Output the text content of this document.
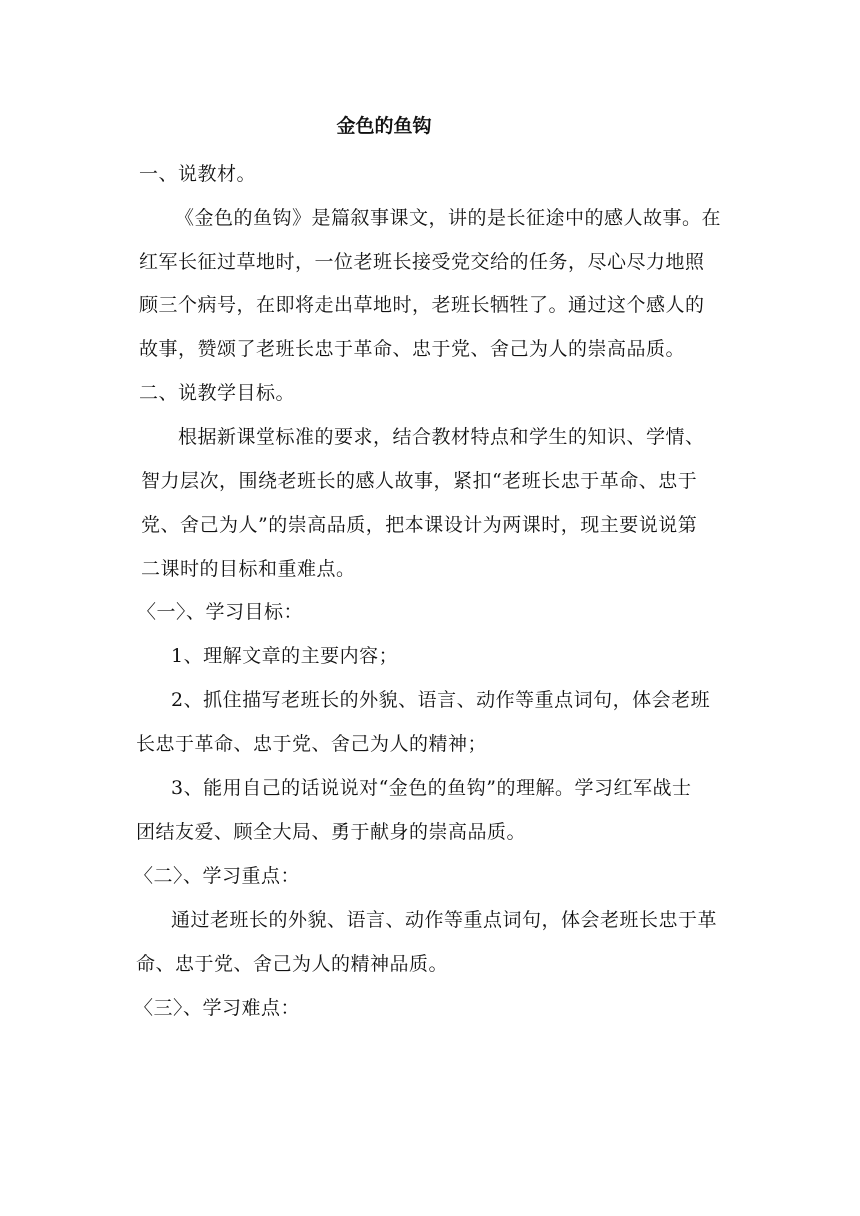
金色的鱼钩
一、说教材。
《金色的鱼钩》是篇叙事课文，讲的是长征途中的感人故事。在
红军长征过草地时，一位老班长接受党交给的任务，尽心尽力地照
顾三个病号，在即将走出草地时，老班长牺牲了。通过这个感人的
故事，赞颂了老班长忠于革命、忠于党、舍己为人的崇高品质。
二、说教学目标。
根据新课堂标准的要求，结合教材特点和学生的知识、学情、
智力层次，围绕老班长的感人故事，紧扣“老班长忠于革命、忠于
党、舍己为人”的崇高品质，把本课设计为两课时，现主要说说第
二课时的目标和重难点。
〈一〉、学习目标：
1、理解文章的主要内容；
2、抓住描写老班长的外貌、语言、动作等重点词句，体会老班
长忠于革命、忠于党、舍己为人的精神；
3、能用自己的话说说对“金色的鱼钩”的理解。学习红军战士
团结友爱、顾全大局、勇于献身的崇高品质。
〈二〉、学习重点：
通过老班长的外貌、语言、动作等重点词句，体会老班长忠于革
命、忠于党、舍己为人的精神品质。
〈三〉、学习难点：
